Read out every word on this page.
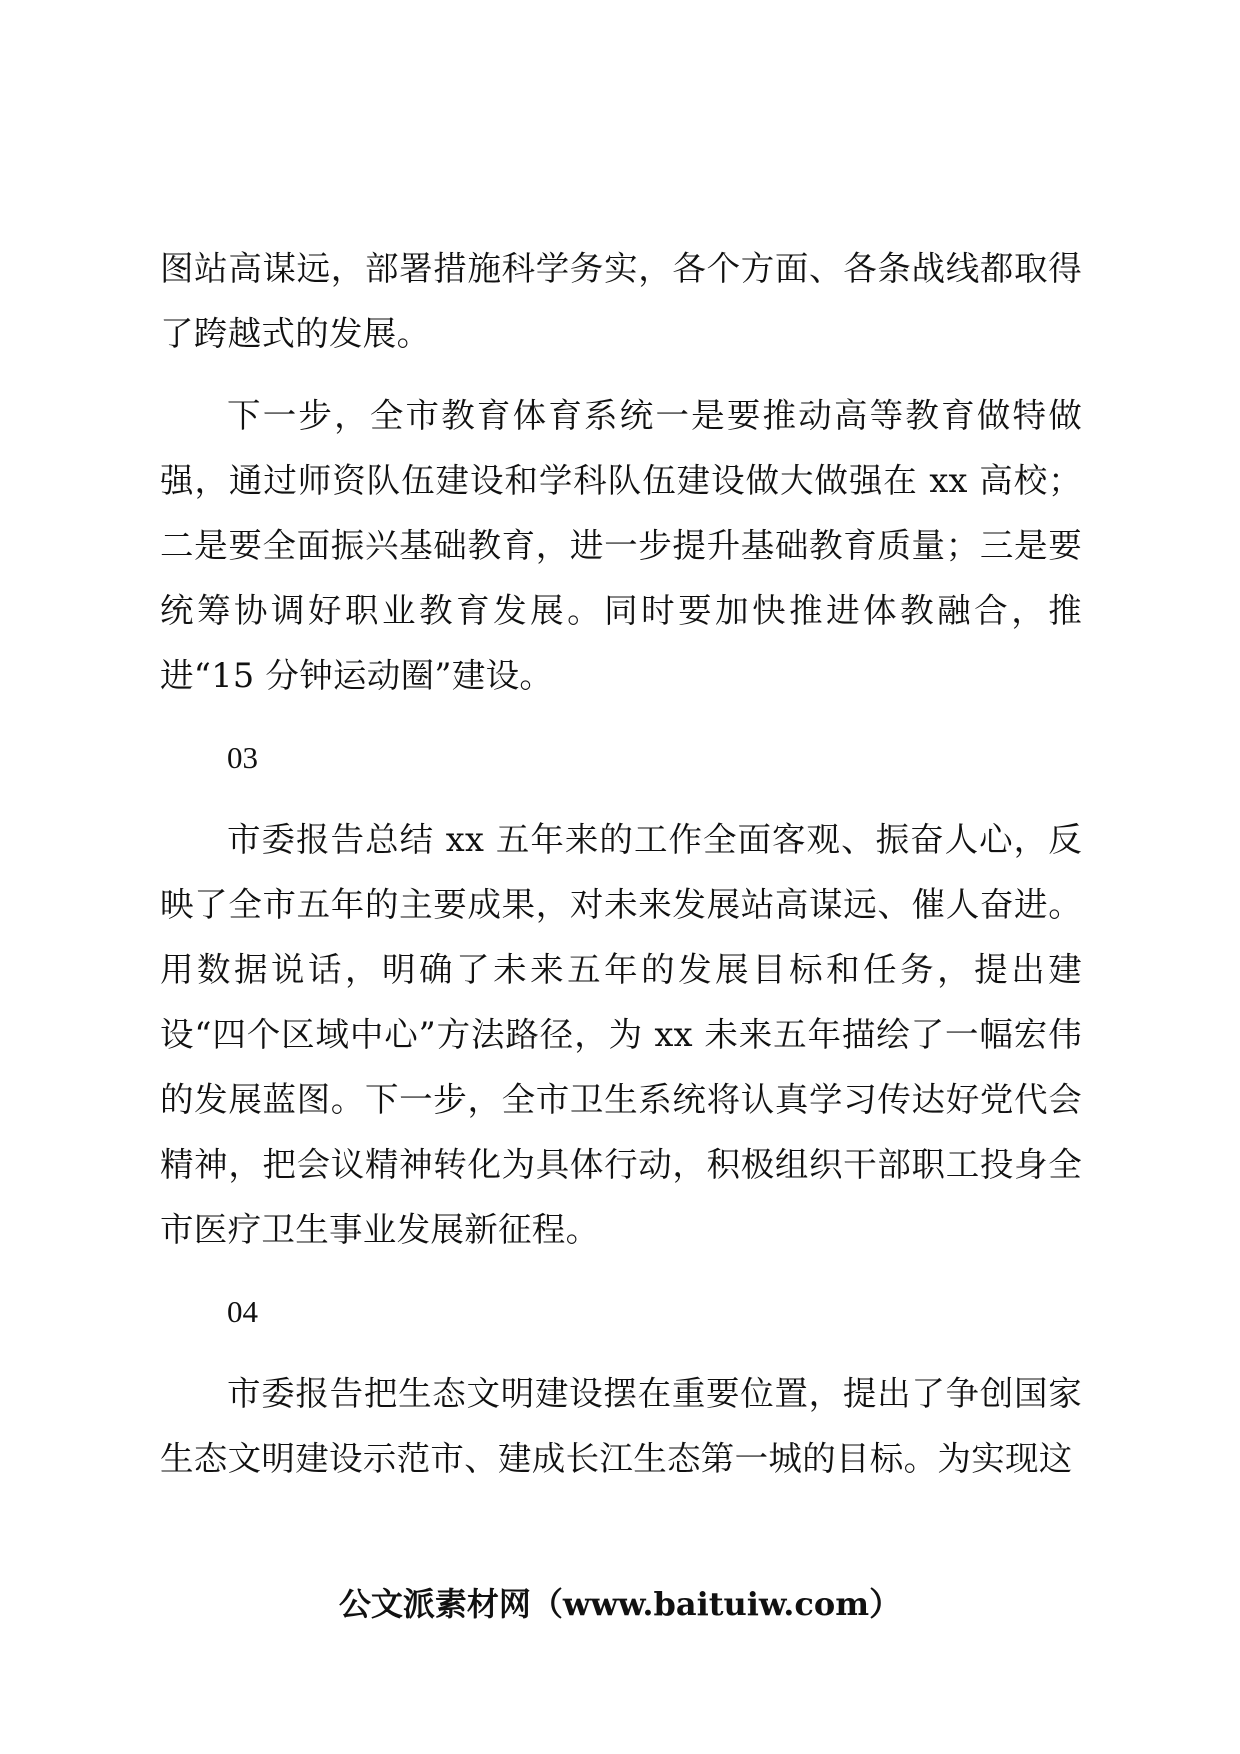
图站高谋远，部署措施科学务实，各个方面、各条战线都取得了跨越式的发展。

下一步，全市教育体育系统一是要推动高等教育做特做强，通过师资队伍建设和学科队伍建设做大做强在 xx 高校；二是要全面振兴基础教育，进一步提升基础教育质量；三是要统筹协调好职业教育发展。同时要加快推进体教融合，推进“15 分钟运动圈”建设。

03

市委报告总结 xx 五年来的工作全面客观、振奋人心，反映了全市五年的主要成果，对未来发展站高谋远、催人奋进。用数据说话，明确了未来五年的发展目标和任务，提出建设“四个区域中心”方法路径，为 xx 未来五年描绘了一幅宏伟的发展蓝图。下一步，全市卫生系统将认真学习传达好党代会精神，把会议精神转化为具体行动，积极组织干部职工投身全市医疗卫生事业发展新征程。

04

市委报告把生态文明建设摆在重要位置，提出了争创国家生态文明建设示范市、建成长江生态第一城的目标。为实现这

公文派素材网（www.baituiw.com）
